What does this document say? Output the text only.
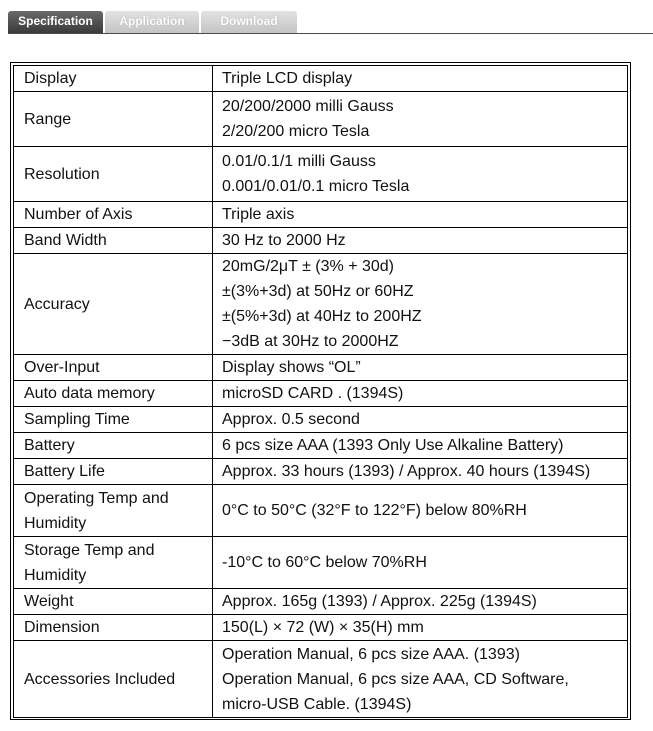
Specification	Application	Download
Display	Triple LCD display

Range	20/200/2000 milli Gauss
2/20/200 micro Tesla

Resolution	0.01/0.1/1 milli Gauss
0.001/0.01/0.1 micro Tesla

Number of Axis	Triple axis

Band Width	30 Hz to 2000 Hz

Accuracy	20mG/2μT ± (3% + 30d)
±(3%+3d) at 50Hz or 60HZ
±(5%+3d) at 40Hz to 200HZ
−3dB at 30Hz to 2000HZ

Over-Input	Display shows “OL”

Auto data memory	microSD CARD . (1394S)

Sampling Time	Approx. 0.5 second

Battery	6 pcs size AAA (1393 Only Use Alkaline Battery)

Battery Life	Approx. 33 hours (1393) / Approx. 40 hours (1394S)

Operating Temp and
Humidity	0°C to 50°C (32°F to 122°F) below 80%RH

Storage Temp and
Humidity	-10°C to 60°C below 70%RH

Weight	Approx. 165g (1393) / Approx. 225g (1394S)

Dimension	150(L) × 72 (W) × 35(H) mm

Accessories Included	Operation Manual, 6 pcs size AAA. (1393)
Operation Manual, 6 pcs size AAA, CD Software,
micro-USB Cable. (1394S)
